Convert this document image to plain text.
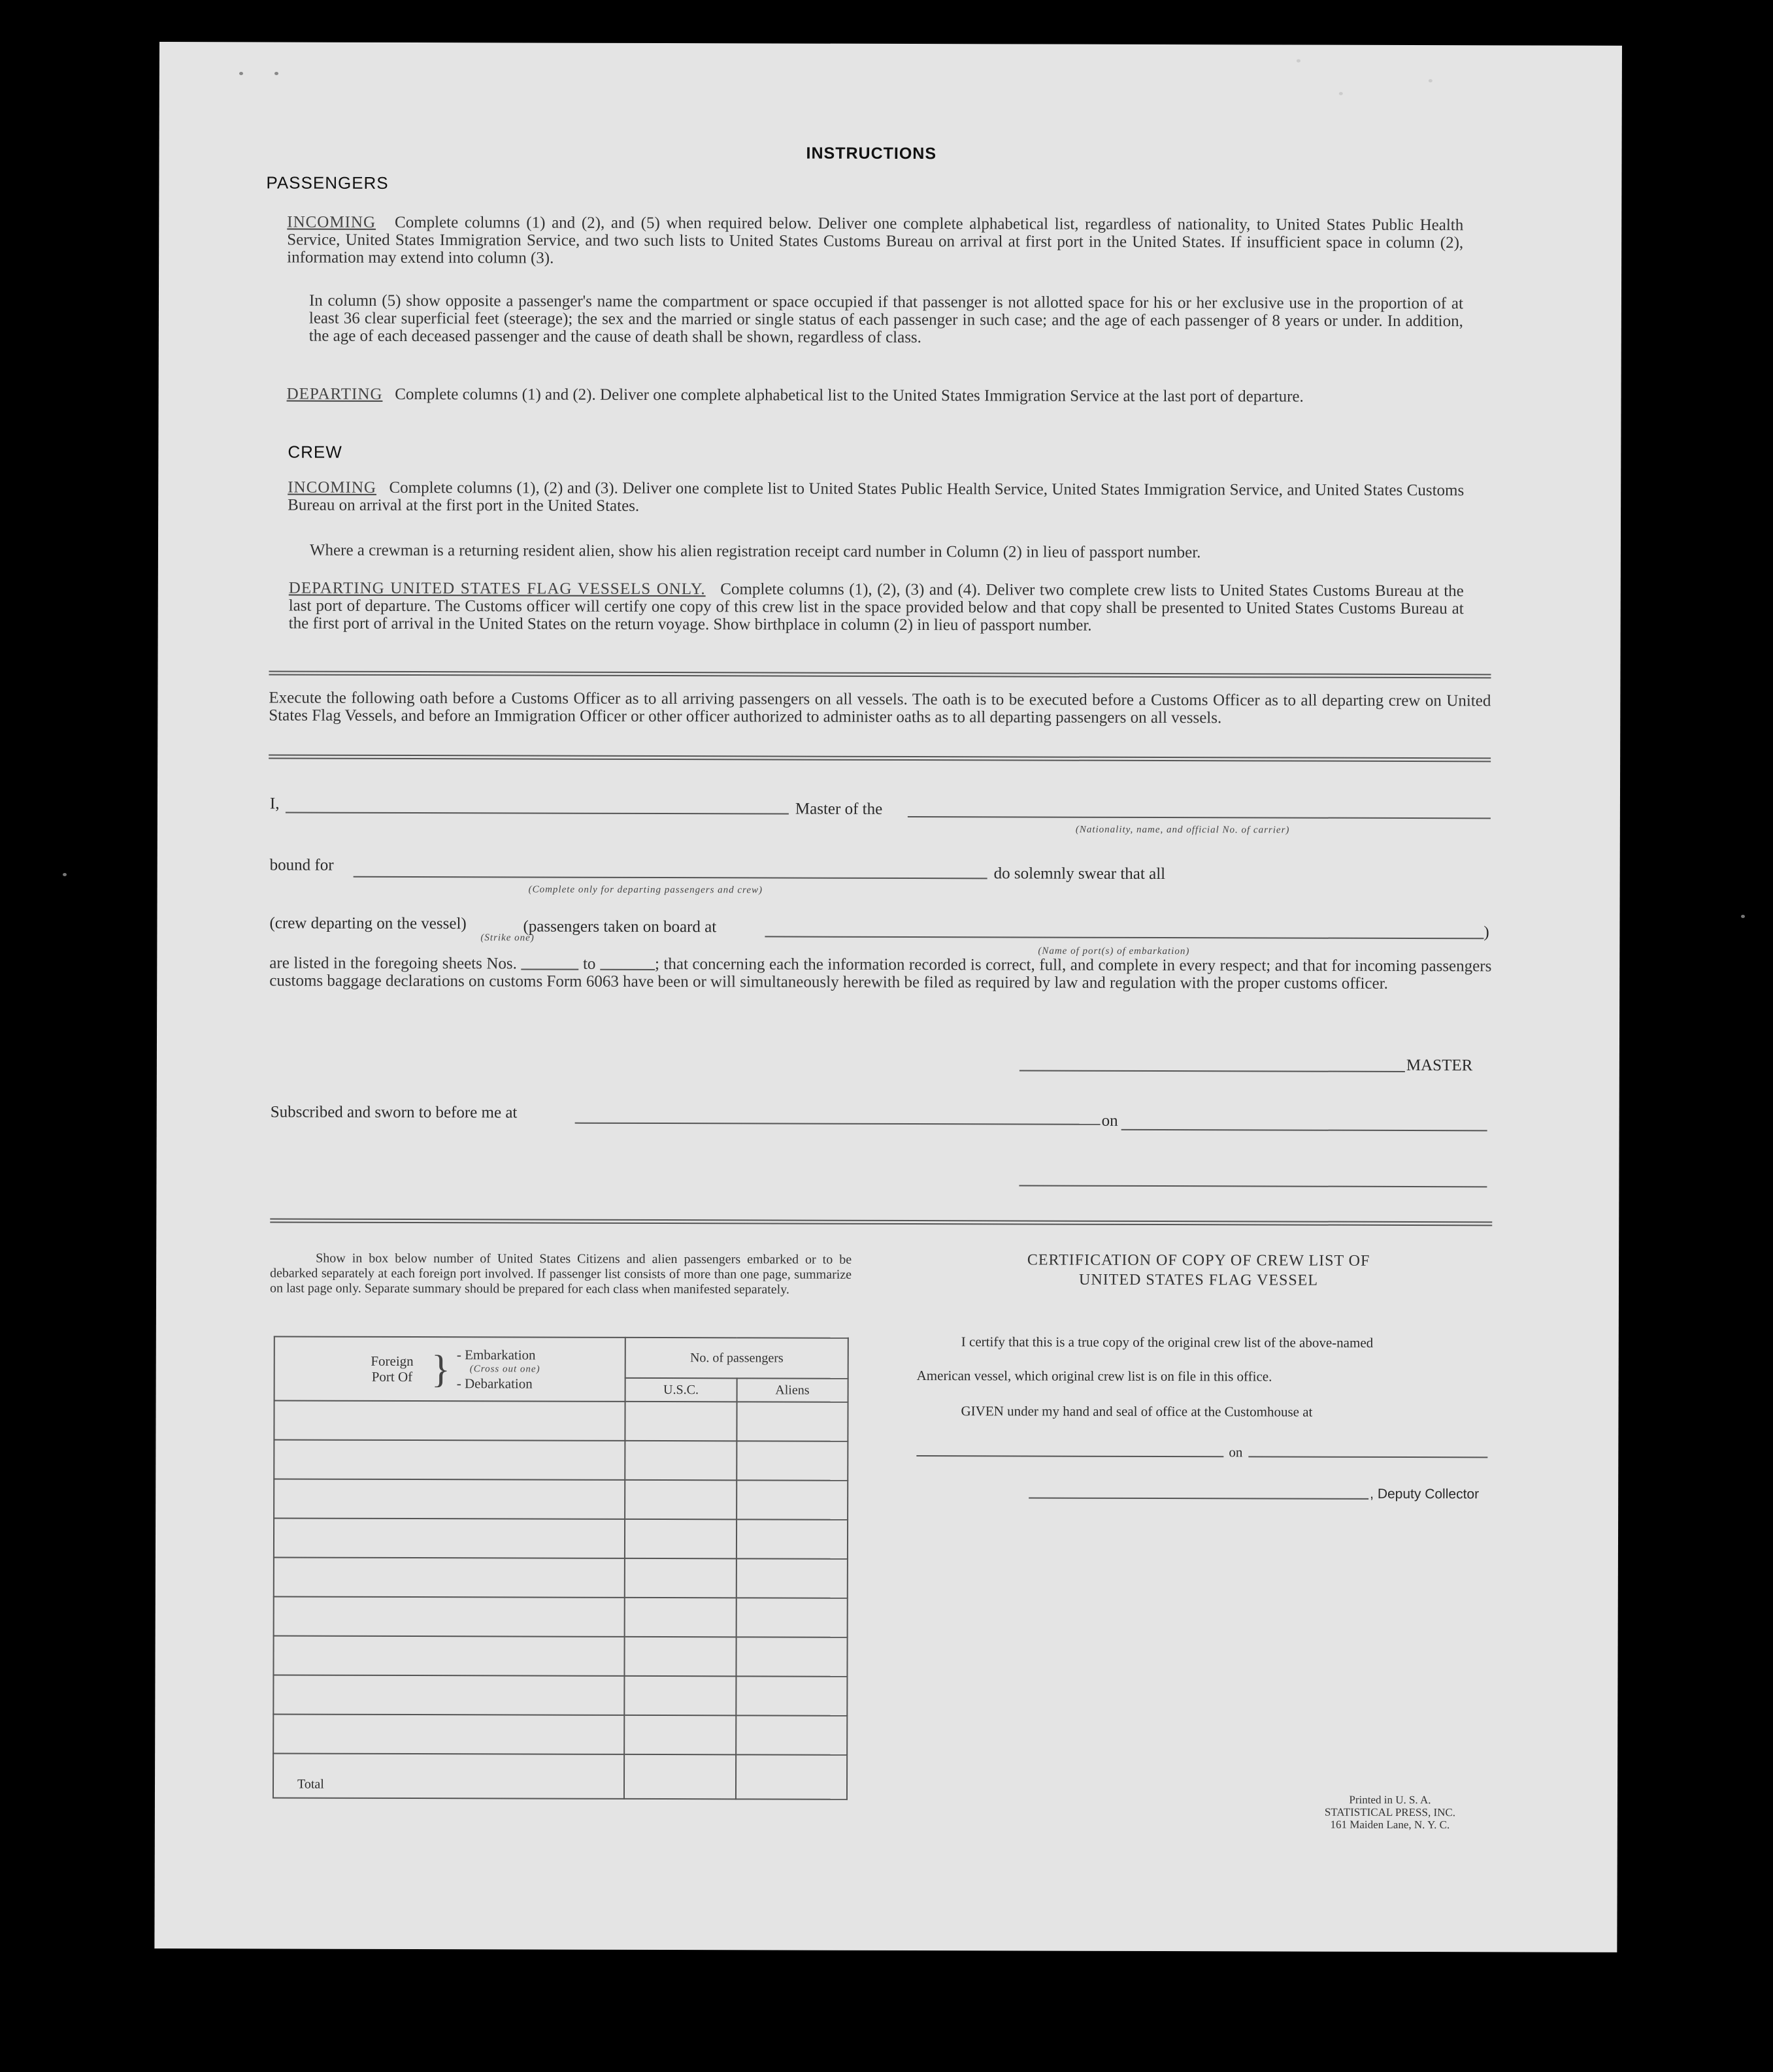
INSTRUCTIONS
PASSENGERS

INCOMING Complete columns (1) and (2), and (5) when required below. Deliver one complete alphabetical list, regardless of nationality, to United States Public Health Service, United States Immigration Service, and two such lists to United States Customs Bureau on arrival at first port in the United States. If insufficient space in column (2), information may extend into column (3).

In column (5) show opposite a passenger's name the compartment or space occupied if that passenger is not allotted space for his or her exclusive use in the proportion of at least 36 clear superficial feet (steerage); the sex and the married or single status of each passenger in such case; and the age of each passenger of 8 years or under. In addition, the age of each deceased passenger and the cause of death shall be shown, regardless of class.

DEPARTING Complete columns (1) and (2). Deliver one complete alphabetical list to the United States Immigration Service at the last port of departure.

CREW

INCOMING Complete columns (1), (2) and (3). Deliver one complete list to United States Public Health Service, United States Immigration Service, and United States Customs Bureau on arrival at the first port in the United States.

Where a crewman is a returning resident alien, show his alien registration receipt card number in Column (2) in lieu of passport number.

DEPARTING UNITED STATES FLAG VESSELS ONLY. Complete columns (1), (2), (3) and (4). Deliver two complete crew lists to United States Customs Bureau at the last port of departure. The Customs officer will certify one copy of this crew list in the space provided below and that copy shall be presented to United States Customs Bureau at the first port of arrival in the United States on the return voyage. Show birthplace in column (2) in lieu of passport number.

Execute the following oath before a Customs Officer as to all arriving passengers on all vessels. The oath is to be executed before a Customs Officer as to all departing crew on United States Flag Vessels, and before an Immigration Officer or other officer authorized to administer oaths as to all departing passengers on all vessels.

I,	Master of the
(Nationality, name, and official No. of carrier)
bound for
(Complete only for departing passengers and crew)
do solemnly swear that all
(crew departing on the vessel)	(passengers taken on board at
(Strike one)	)
(Name of port(s) of embarkation)

are listed in the foregoing sheets Nos.	to	; that concerning each the information recorded is correct, full, and complete in every respect; and that for incoming passengers customs baggage declarations on customs Form 6063 have been or will simultaneously herewith be filed as required by law and regulation with the proper customs officer.

MASTER
Subscribed and sworn to before me at	on

Show in box below number of United States Citizens and alien passengers embarked or to be debarked separately at each foreign port involved. If passenger list consists of more than one page, summarize on last page only. Separate summary should be prepared for each class when manifested separately.

Foreign Port Of } - Embarkation
(Cross out one)
- Debarkation	No. of passengers	
	U.S.C.	Aliens

Total		
CERTIFICATION OF COPY OF CREW LIST OF UNITED STATES FLAG VESSEL
I certify that this is a true copy of the original crew list of the above-named
American vessel, which original crew list is on file in this office.
GIVEN under my hand and seal of office at the Customhouse at
on
, Deputy Collector
Printed in U. S. A.
STATISTICAL PRESS, INC.
161 Maiden Lane, N. Y. C.
